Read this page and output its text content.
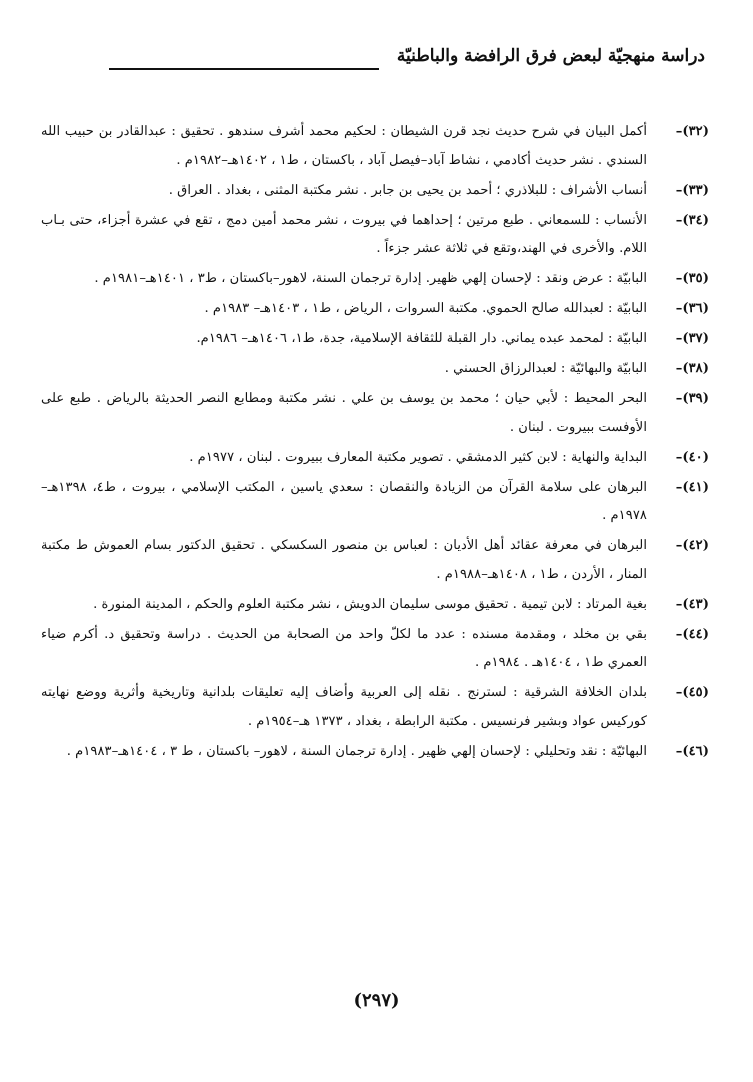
دراسة منهجيّة لبعض فرق الرافضة والباطنيّة
(٣٢)–
أكمل البيان في شرح حديث نجد قرن الشيطان : لحكيم محمد أشرف سندهو . تحقيق : عبدالقادر بن حبيب الله السندي . نشر حديث أكادمي ، نشاط آباد–فيصل آباد ، باكستان ، ط١ ، ١٤٠٢هـ–١٩٨٢م .
(٣٣)–
أنساب الأشراف : للبلاذري ؛ أحمد بن يحيى بن جابر . نشر مكتبة المثنى ، بغداد . العراق .
(٣٤)–
الأنساب : للسمعاني . طبع مرتين ؛ إحداهما في بيروت ، نشر محمد أمين دمج ، تقع في عشرة أجزاء، حتى بـاب اللام. والأخرى في الهند،وتقع في ثلاثة عشر جزءاً .
(٣٥)–
البابيّة : عرض ونقد : لإحسان إلهي ظهير. إدارة ترجمان السنة، لاهور–باكستان ، ط٣ ، ١٤٠١هـ–١٩٨١م .
(٣٦)–
البابيّة : لعبدالله صالح الحموي. مكتبة السروات ، الرياض ، ط١ ، ١٤٠٣هـ– ١٩٨٣م .
(٣٧)–
البابيّة : لمحمد عبده يماني. دار القبلة للثقافة الإسلامية، جدة، ط١، ١٤٠٦هـ– ١٩٨٦م.
(٣٨)–
البابيّة والبهائيّة : لعبدالرزاق الحسني .
(٣٩)–
البحر المحيط : لأبي حيان ؛ محمد بن يوسف بن علي . نشر مكتبة ومطابع النصر الحديثة بالرياض . طبع على الأوفست ببيروت . لبنان .
(٤٠)–
البداية والنهاية : لابن كثير الدمشقي . تصوير مكتبة المعارف ببيروت . لبنان ، ١٩٧٧م .
(٤١)–
البرهان على سلامة القرآن من الزيادة والنقصان : سعدي ياسين ، المكتب الإسلامي ، بيروت ، ط٤، ١٣٩٨هـ–١٩٧٨م .
(٤٢)–
البرهان في معرفة عقائد أهل الأديان : لعباس بن منصور السكسكي . تحقيق الدكتور بسام العموش ط مكتبة المنار ، الأردن ، ط١ ، ١٤٠٨هـ–١٩٨٨م .
(٤٣)–
بغية المرتاد : لابن تيمية . تحقيق موسى سليمان الدويش ، نشر مكتبة العلوم والحكم ، المدينة المنورة .
(٤٤)–
بقي بن مخلد ، ومقدمة مسنده : عدد ما لكلّ واحد من الصحابة من الحديث . دراسة وتحقيق د. أكرم ضياء العمري ط١ ، ١٤٠٤هـ . ١٩٨٤م .
(٤٥)–
بلدان الخلافة الشرقية : لسترنج . نقله إلى العربية وأضاف إليه تعليقات بلدانية وتاريخية وأثرية ووضع نهايته كوركيس عواد وبشير فرنسيس . مكتبة الرابطة ، بغداد ، ١٣٧٣ هـ–١٩٥٤م .
(٤٦)–
البهائيّة : نقد وتحليلي : لإحسان إلهي ظهير . إدارة ترجمان السنة ، لاهور– باكستان ، ط ٣ ، ١٤٠٤هـ–١٩٨٣م .
(٢٩٧)
